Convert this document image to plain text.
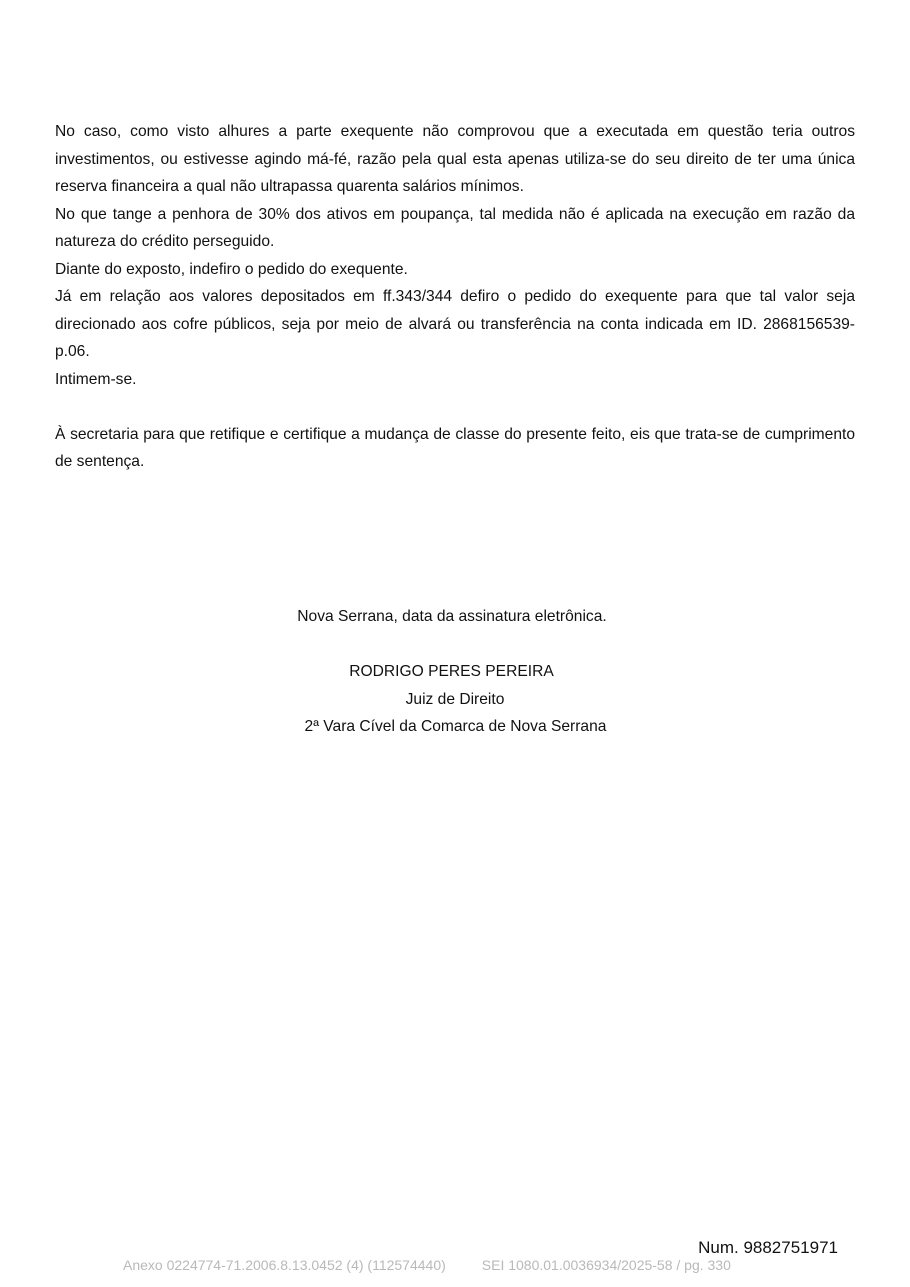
No caso, como visto alhures a parte exequente não comprovou que a executada em questão teria outros investimentos, ou estivesse agindo má-fé, razão pela qual esta apenas utiliza-se do seu direito de ter uma única reserva financeira a qual não ultrapassa quarenta salários mínimos.

No que tange a penhora de 30% dos ativos em poupança, tal medida não é aplicada na execução em razão da natureza do crédito perseguido.

Diante do exposto, indefiro o pedido do exequente.

Já em relação aos valores depositados em ff.343/344 defiro o pedido do exequente para que tal valor seja direcionado aos cofre públicos, seja por meio de alvará ou transferência na conta indicada em ID. 2868156539-p.06.

Intimem-se.

À secretaria para que retifique e certifique a mudança de classe do presente feito, eis que trata-se de cumprimento de sentença.

Nova Serrana, data da assinatura eletrônica.
RODRIGO PERES PEREIRA
Juiz de Direito
2ª Vara Cível da Comarca de Nova Serrana
Num. 9882751971
Anexo 0224774-71.2006.8.13.0452 (4) (112574440)	SEI 1080.01.0036934/2025-58 / pg. 330
